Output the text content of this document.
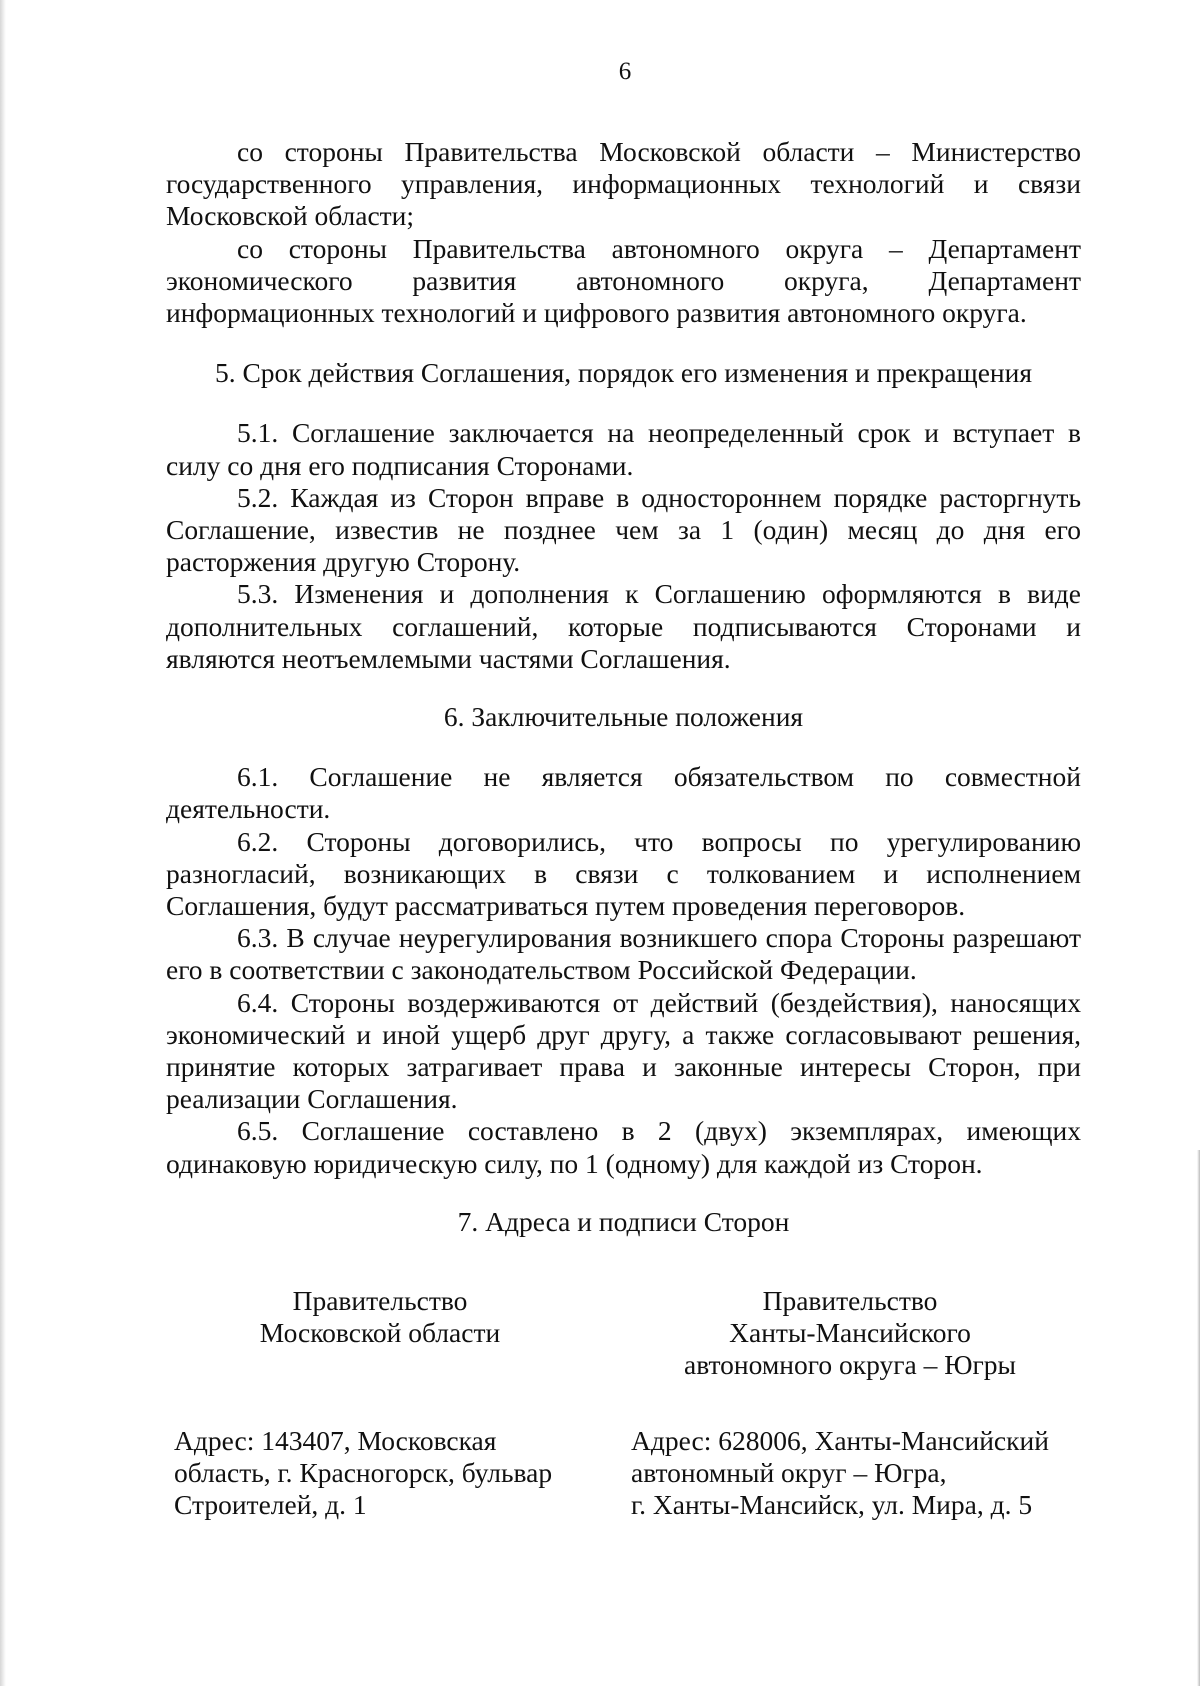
6

со стороны Правительства Московской области – Министерство государственного управления, информационных технологий и связи Московской области;

со стороны Правительства автономного округа – Департамент экономического развития автономного округа, Департамент информационных технологий и цифрового развития автономного округа.

5. Срок действия Соглашения, порядок его изменения и прекращения

5.1. Соглашение заключается на неопределенный срок и вступает в силу со дня его подписания Сторонами.

5.2. Каждая из Сторон вправе в одностороннем порядке расторгнуть Соглашение, известив не позднее чем за 1 (один) месяц до дня его расторжения другую Сторону.

5.3. Изменения и дополнения к Соглашению оформляются в виде дополнительных соглашений, которые подписываются Сторонами и являются неотъемлемыми частями Соглашения.

6. Заключительные положения

6.1. Соглашение не является обязательством по совместной деятельности.

6.2. Стороны договорились, что вопросы по урегулированию разногласий, возникающих в связи с толкованием и исполнением Соглашения, будут рассматриваться путем проведения переговоров.

6.3. В случае неурегулирования возникшего спора Стороны разрешают его в соответствии с законодательством Российской Федерации.

6.4. Стороны воздерживаются от действий (бездействия), наносящих экономический и иной ущерб друг другу, а также согласовывают решения, принятие которых затрагивает права и законные интересы Сторон, при реализации Соглашения.

6.5. Соглашение составлено в 2 (двух) экземплярах, имеющих одинаковую юридическую силу, по 1 (одному) для каждой из Сторон.

7. Адреса и подписи Сторон

Правительство
Московской области
Правительство
Ханты-Мансийского
автономного округа – Югры
Адрес: 143407, Московская
область, г. Красногорск, бульвар
Строителей, д. 1
Адрес: 628006, Ханты-Мансийский
автономный округ – Югра,
г. Ханты-Мансийск, ул. Мира, д. 5
